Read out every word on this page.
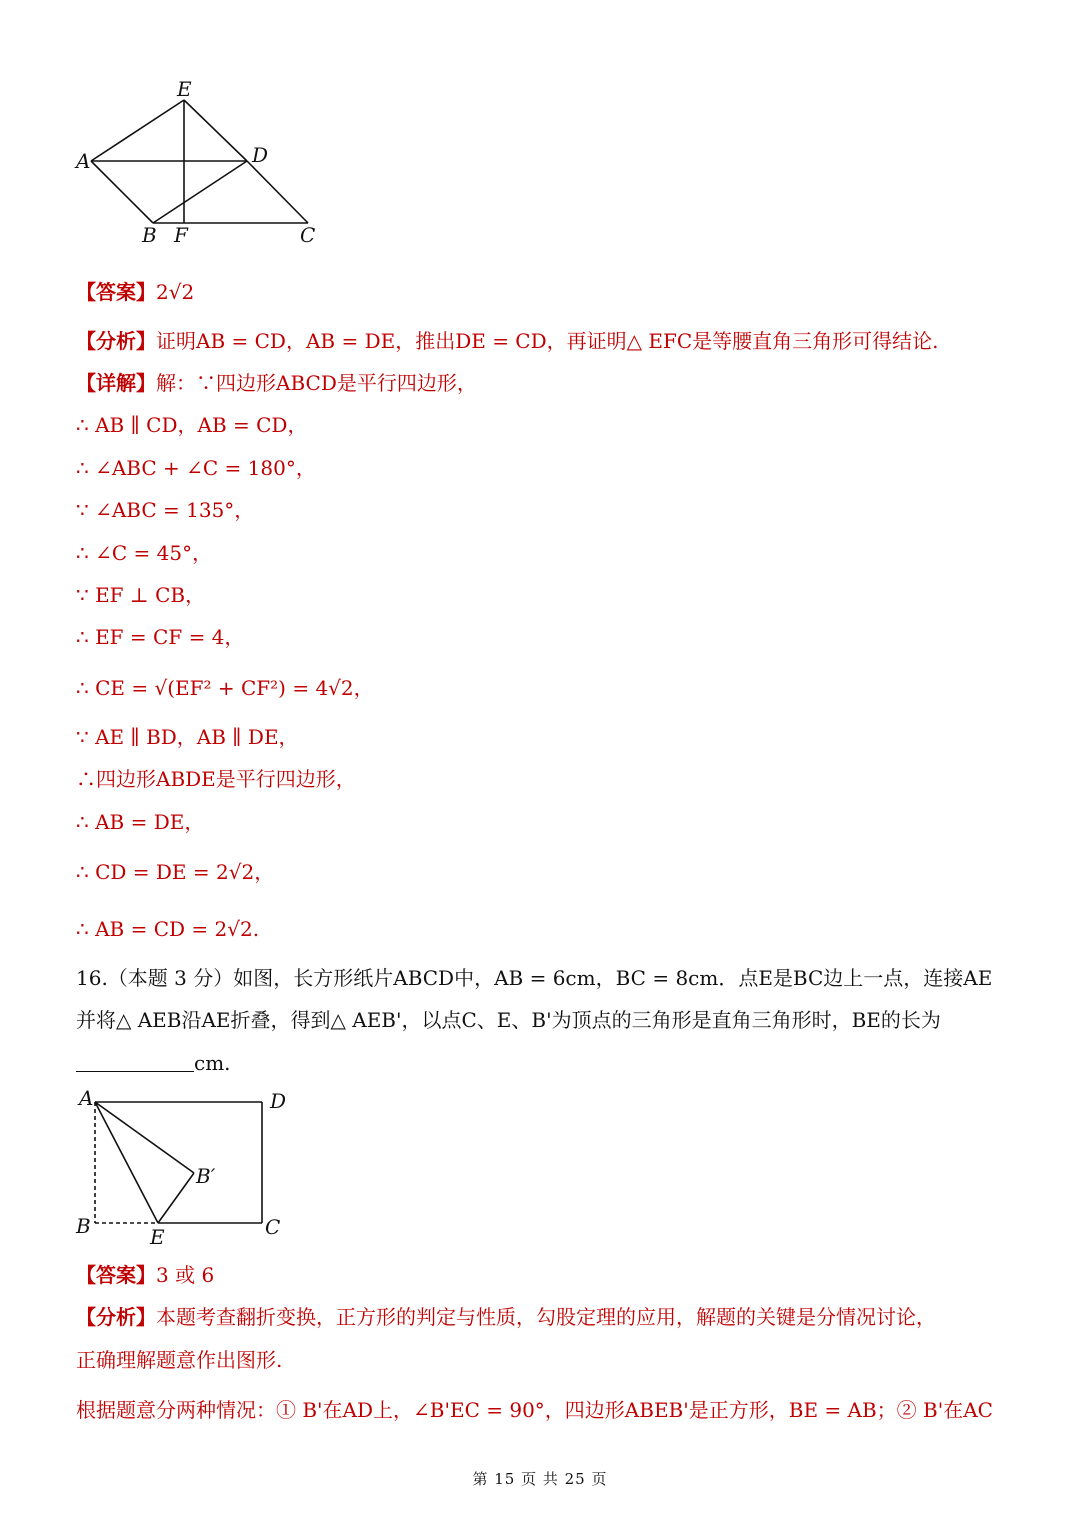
E
A	D
B F	C
【答案】2√2
【分析】证明AB = CD，AB = DE，推出DE = CD，再证明△ EFC是等腰直角三角形可得结论.
【详解】解：∵四边形ABCD是平行四边形，
∴ AB ∥ CD，AB = CD，
∴ ∠ABC + ∠C = 180°，
∵ ∠ABC = 135°，
∴ ∠C = 45°，
∵ EF ⊥ CB，
∴ EF = CF = 4，
∴ CE = √(EF² + CF²) = 4√2，
∵ AE ∥ BD，AB ∥ DE，
∴四边形ABDE是平行四边形，
∴ AB = DE，
∴ CD = DE = 2√2，
∴ AB = CD = 2√2.
16.（本题 3 分）如图，长方形纸片ABCD中，AB = 6cm，BC = 8cm．点E是BC边上一点，连接AE
并将△ AEB沿AE折叠，得到△ AEB'，以点C、E、B'为顶点的三角形是直角三角形时，BE的长为
cm.
A	D
B′
B	E	C
【答案】3 或 6
【分析】本题考查翻折变换，正方形的判定与性质，勾股定理的应用，解题的关键是分情况讨论，
正确理解题意作出图形.
根据题意分两种情况：① B'在AD上，∠B'EC = 90°，四边形ABEB'是正方形，BE = AB；② B'在AC
第 15 页 共 25 页
